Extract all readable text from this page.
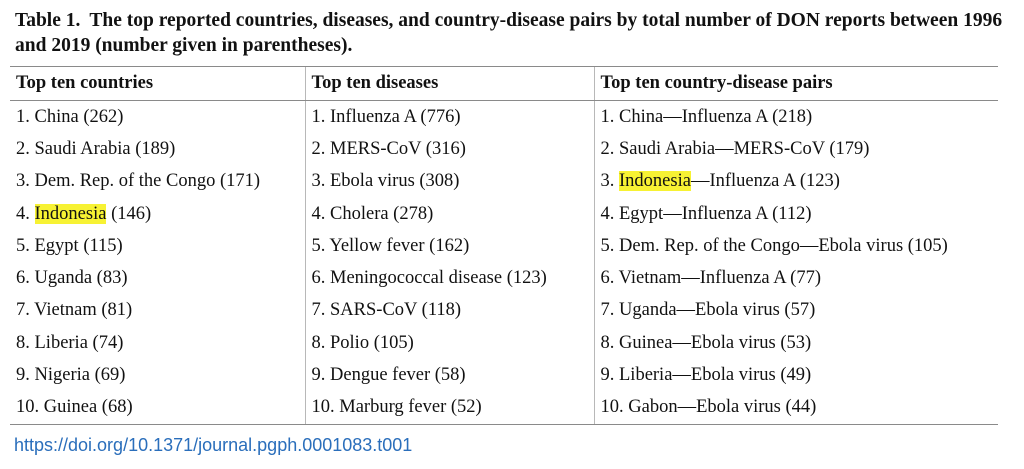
Table 1. The top reported countries, diseases, and country-disease pairs by total number of DON reports between 1996 and 2019 (number given in parentheses).
Top ten countries	Top ten diseases	Top ten country-disease pairs
1. China (262)	1. Influenza A (776)	1. China—Influenza A (218)
2. Saudi Arabia (189)	2. MERS-CoV (316)	2. Saudi Arabia—MERS-CoV (179)
3. Dem. Rep. of the Congo (171)	3. Ebola virus (308)	3. Indonesia—Influenza A (123)
4. Indonesia (146)	4. Cholera (278)	4. Egypt—Influenza A (112)
5. Egypt (115)	5. Yellow fever (162)	5. Dem. Rep. of the Congo—Ebola virus (105)
6. Uganda (83)	6. Meningococcal disease (123)	6. Vietnam—Influenza A (77)
7. Vietnam (81)	7. SARS-CoV (118)	7. Uganda—Ebola virus (57)
8. Liberia (74)	8. Polio (105)	8. Guinea—Ebola virus (53)
9. Nigeria (69)	9. Dengue fever (58)	9. Liberia—Ebola virus (49)
10. Guinea (68)	10. Marburg fever (52)	10. Gabon—Ebola virus (44)
https://doi.org/10.1371/journal.pgph.0001083.t001
